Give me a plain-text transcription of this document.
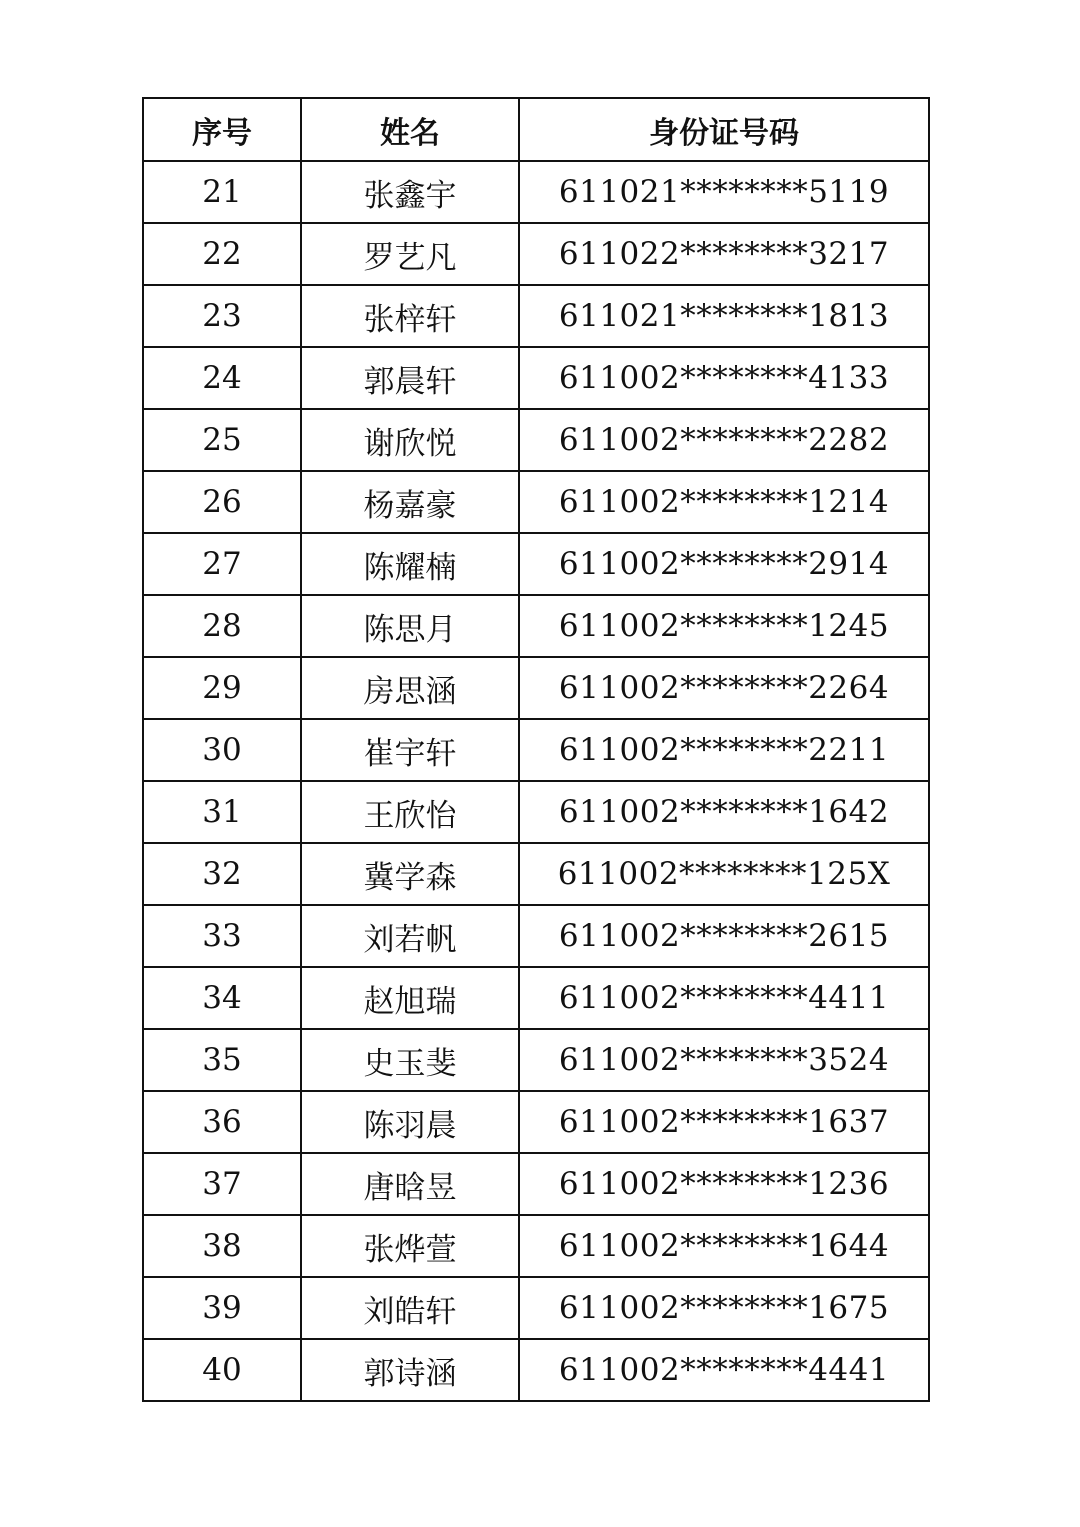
序号	姓名	身份证号码
21	张鑫宇	611021********5119
22	罗艺凡	611022********3217
23	张梓轩	611021********1813
24	郭晨轩	611002********4133
25	谢欣悦	611002********2282
26	杨嘉豪	611002********1214
27	陈耀楠	611002********2914
28	陈思月	611002********1245
29	房思涵	611002********2264
30	崔宇轩	611002********2211
31	王欣怡	611002********1642
32	冀学森	611002********125X
33	刘若帆	611002********2615
34	赵旭瑞	611002********4411
35	史玉斐	611002********3524
36	陈羽晨	611002********1637
37	唐晗昱	611002********1236
38	张烨萱	611002********1644
39	刘皓轩	611002********1675
40	郭诗涵	611002********4441
